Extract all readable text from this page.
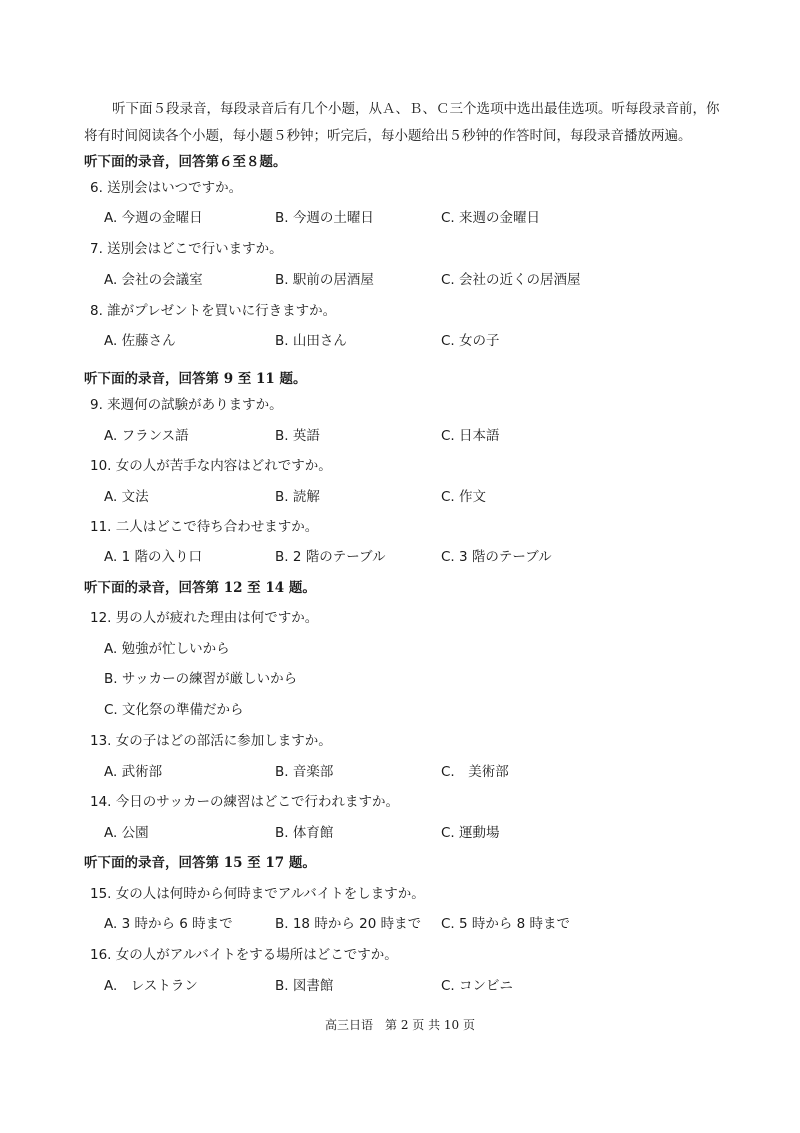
听下面５段录音，每段录音后有几个小题，从Ａ、Ｂ、Ｃ三个选项中选出最佳选项。听每段录音前，你将有时间阅读各个小题，每小题５秒钟；听完后，每小题给出５秒钟的作答时间，每段录音播放两遍。
听下面的录音，回答第６至８题。
6. 送別会はいつですか。
A. 今週の金曜日	B. 今週の土曜日	C. 来週の金曜日
7. 送別会はどこで行いますか。
A. 会社の会議室	B. 駅前の居酒屋	C. 会社の近くの居酒屋
8. 誰がプレゼントを買いに行きますか。
A. 佐藤さん	B. 山田さん	C. 女の子
听下面的录音，回答第 9 至 11 题。
9. 来週何の試験がありますか。
A. フランス語	B. 英語	C. 日本語
10. 女の人が苦手な内容はどれですか。
A. 文法	B. 読解	C. 作文
11. 二人はどこで待ち合わせますか。
A. 1 階の入り口	B. 2 階のテーブル	C. 3 階のテーブル
听下面的录音，回答第 12 至 14 题。
12. 男の人が疲れた理由は何ですか。
A. 勉強が忙しいから
B. サッカーの練習が厳しいから
C. 文化祭の準備だから
13. 女の子はどの部活に参加しますか。
A. 武術部	B. 音楽部	C.　美術部
14. 今日のサッカーの練習はどこで行われますか。
A. 公園	B. 体育館	C. 運動場
听下面的录音，回答第 15 至 17 题。
15. 女の人は何時から何時までアルバイトをしますか。
A. 3 時から 6 時まで	B. 18 時から 20 時まで C. 5 時から 8 時まで
16. 女の人がアルバイトをする場所はどこですか。
A.　レストラン	B. 図書館	C. コンビニ
高三日语　第 2 页 共 10 页
